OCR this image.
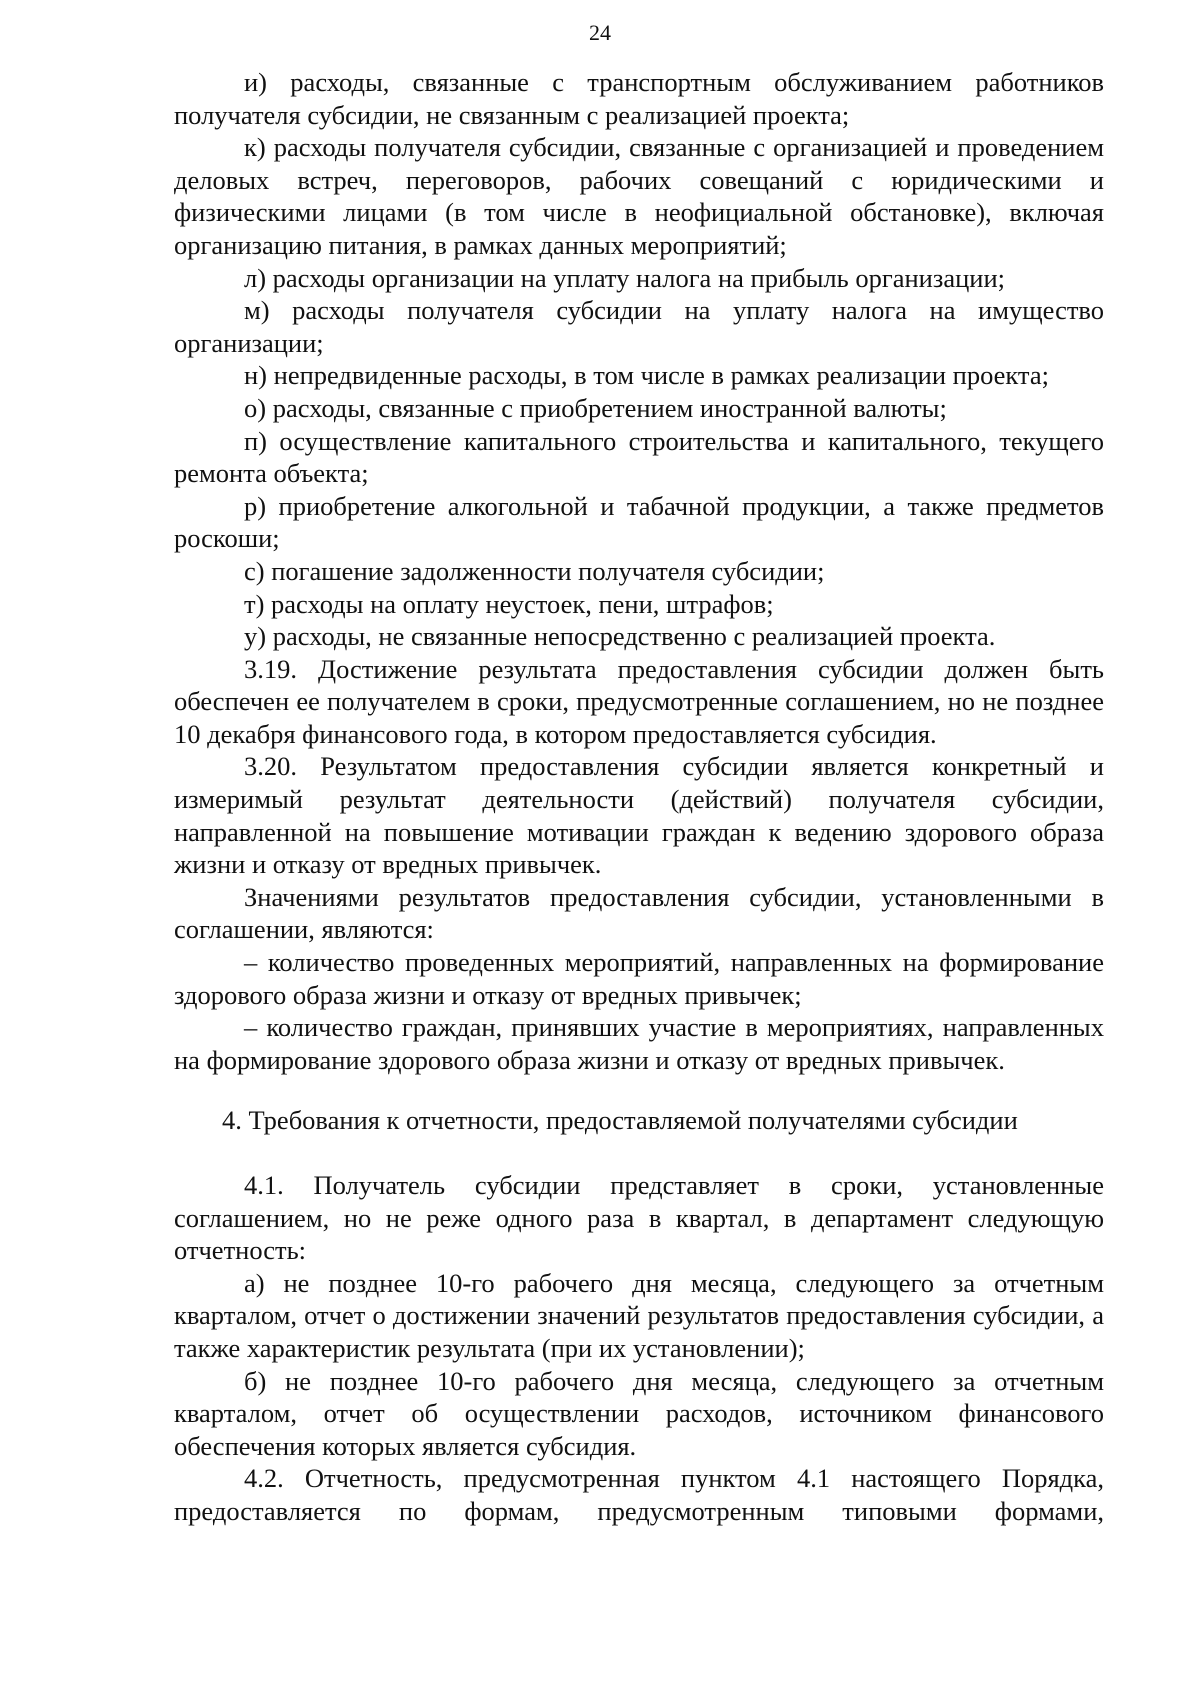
24

и) расходы, связанные с транспортным обслуживанием работников получателя субсидии, не связанным с реализацией проекта;

к) расходы получателя субсидии, связанные с организацией и проведением деловых встреч, переговоров, рабочих совещаний с юридическими и физическими лицами (в том числе в неофициальной обстановке), включая организацию питания, в рамках данных мероприятий;

л) расходы организации на уплату налога на прибыль организации;

м) расходы получателя субсидии на уплату налога на имущество организации;

н) непредвиденные расходы, в том числе в рамках реализации проекта;

о) расходы, связанные с приобретением иностранной валюты;

п) осуществление капитального строительства и капитального, текущего ремонта объекта;

р) приобретение алкогольной и табачной продукции, а также предметов роскоши;

с) погашение задолженности получателя субсидии;

т) расходы на оплату неустоек, пени, штрафов;

у) расходы, не связанные непосредственно с реализацией проекта.

3.19. Достижение результата предоставления субсидии должен быть обеспечен ее получателем в сроки, предусмотренные соглашением, но не позднее 10 декабря финансового года, в котором предоставляется субсидия.

3.20. Результатом предоставления субсидии является конкретный и измеримый результат деятельности (действий) получателя субсидии, направленной на повышение мотивации граждан к ведению здорового образа жизни и отказу от вредных привычек.

Значениями результатов предоставления субсидии, установленными в соглашении, являются:

– количество проведенных мероприятий, направленных на формирование здорового образа жизни и отказу от вредных привычек;

– количество граждан, принявших участие в мероприятиях, направленных на формирование здорового образа жизни и отказу от вредных привычек.

4. Требования к отчетности, предоставляемой получателями субсидии

4.1. Получатель субсидии представляет в сроки, установленные соглашением, но не реже одного раза в квартал, в департамент следующую отчетность:

а) не позднее 10-го рабочего дня месяца, следующего за отчетным кварталом, отчет о достижении значений результатов предоставления субсидии, а также характеристик результата (при их установлении);

б) не позднее 10-го рабочего дня месяца, следующего за отчетным кварталом, отчет об осуществлении расходов, источником финансового обеспечения которых является субсидия.

4.2. Отчетность, предусмотренная пунктом 4.1 настоящего Порядка, предоставляется по формам, предусмотренным типовыми формами,
